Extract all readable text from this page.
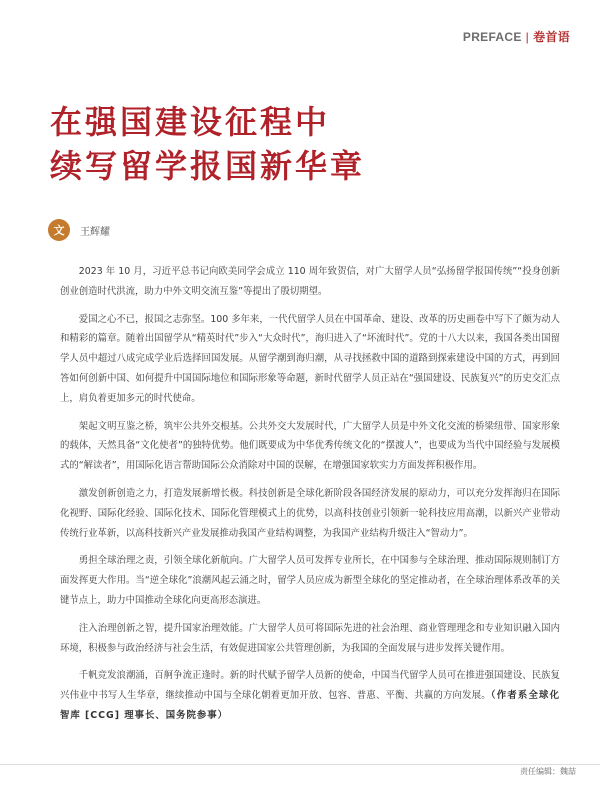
PREFACE | 卷首语
在强国建设征程中
续写留学报国新华章
文	王辉耀

2023 年 10 月，习近平总书记向欧美同学会成立 110 周年致贺信，对广大留学人员“弘扬留学报国传统”“投身创新创业创造时代洪流，助力中外文明交流互鉴”等提出了殷切期望。

爱国之心不已，报国之志弥坚。100 多年来，一代代留学人员在中国革命、建设、改革的历史画卷中写下了颇为动人和精彩的篇章。随着出国留学从“精英时代”步入“大众时代”，海归进入了“坏流时代”。党的十八大以来，我国各类出国留学人员中超过八成完成学业后选择回国发展。从留学潮到海归潮，从寻找拯救中国的道路到探索建设中国的方式，再到回答如何创新中国、如何提升中国国际地位和国际形象等命题，新时代留学人员正站在“强国建设、民族复兴”的历史交汇点上，肩负着更加多元的时代使命。

架起文明互鉴之桥，筑牢公共外交根基。公共外交大发展时代，广大留学人员是中外文化交流的桥梁纽带、国家形象的载体，天然具备“文化使者”的独特优势。他们既要成为中华优秀传统文化的“摆渡人”，也要成为当代中国经验与发展模式的“解读者”，用国际化语言帮助国际公众消除对中国的误解，在增强国家软实力方面发挥积极作用。

激发创新创造之力，打造发展新增长极。科技创新是全球化新阶段各国经济发展的原动力，可以充分发挥海归在国际化视野、国际化经验、国际化技术、国际化管理模式上的优势，以高科技创业引领新一轮科技应用高潮，以新兴产业带动传统行业革新，以高科技新兴产业发展推动我国产业结构调整，为我国产业结构升级注入“智动力”。

勇担全球治理之责，引领全球化新航向。广大留学人员可发挥专业所长，在中国参与全球治理、推动国际规则制订方面发挥更大作用。当“逆全球化”浪潮风起云涌之时，留学人员应成为新型全球化的坚定推动者，在全球治理体系改革的关键节点上，助力中国推动全球化向更高形态演进。

注入治理创新之智，提升国家治理效能。广大留学人员可将国际先进的社会治理、商业管理理念和专业知识融入国内环境，积极参与政治经济与社会生活，有效促进国家公共管理创新，为我国的全面发展与进步发挥关键作用。

千帆竞发浪潮涌，百舸争流正逢时。新的时代赋予留学人员新的使命，中国当代留学人员可在推进强国建设、民族复兴伟业中书写人生华章，继续推动中国与全球化朝着更加开放、包容、普惠、平衡、共赢的方向发展。（作者系全球化智库 [CCG] 理事长、国务院参事）

责任编辑：魏喆
